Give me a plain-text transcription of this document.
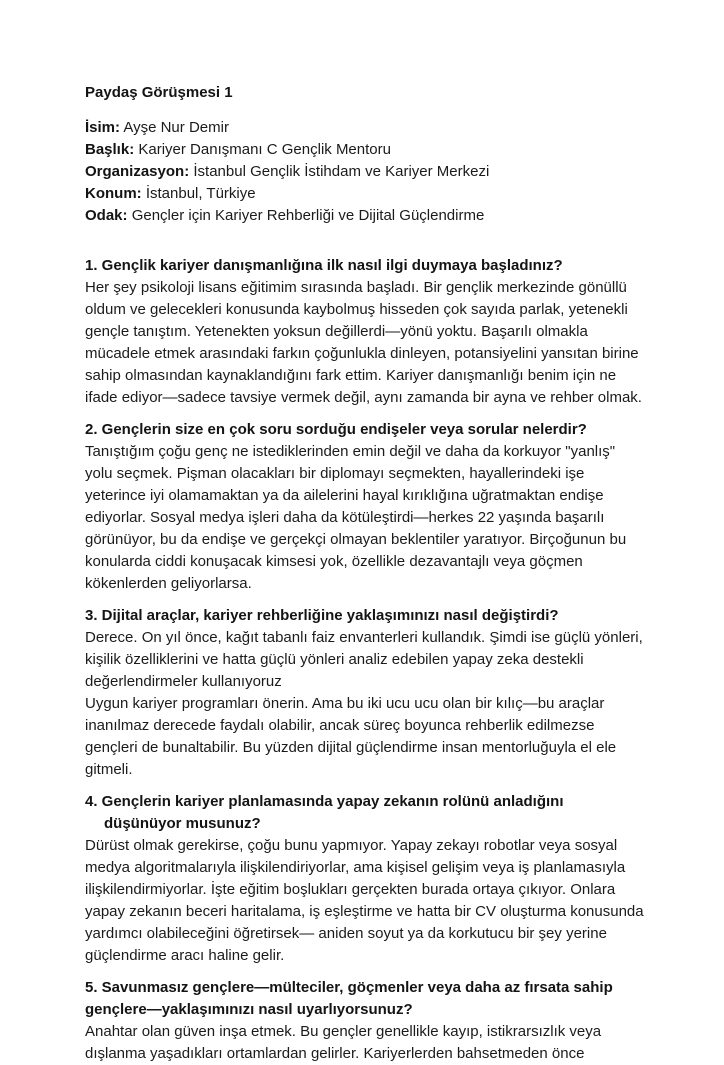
Paydaş Görüşmesi 1

İsim: Ayşe Nur Demir

Başlık: Kariyer Danışmanı C Gençlik Mentoru

Organizasyon: İstanbul Gençlik İstihdam ve Kariyer Merkezi

Konum: İstanbul, Türkiye

Odak: Gençler için Kariyer Rehberliği ve Dijital Güçlendirme

1. Gençlik kariyer danışmanlığına ilk nasıl ilgi duymaya başladınız?

Her şey psikoloji lisans eğitimim sırasında başladı. Bir gençlik merkezinde gönüllü oldum ve gelecekleri konusunda kaybolmuş hisseden çok sayıda parlak, yetenekli gençle tanıştım. Yetenekten yoksun değillerdi—yönü yoktu. Başarılı olmakla mücadele etmek arasındaki farkın çoğunlukla dinleyen, potansiyelini yansıtan birine sahip olmasından kaynaklandığını fark ettim. Kariyer danışmanlığı benim için ne ifade ediyor—sadece tavsiye vermek değil, aynı zamanda bir ayna ve rehber olmak.

2. Gençlerin size en çok soru sorduğu endişeler veya sorular nelerdir?

Tanıştığım çoğu genç ne istediklerinden emin değil ve daha da korkuyor "yanlış" yolu seçmek. Pişman olacakları bir diplomayı seçmekten, hayallerindeki işe yeterince iyi olamamaktan ya da ailelerini hayal kırıklığına uğratmaktan endişe ediyorlar. Sosyal medya işleri daha da kötüleştirdi—herkes 22 yaşında başarılı görünüyor, bu da endişe ve gerçekçi olmayan beklentiler yaratıyor. Birçoğunun bu konularda ciddi konuşacak kimsesi yok, özellikle dezavantajlı veya göçmen kökenlerden geliyorlarsa.

3. Dijital araçlar, kariyer rehberliğine yaklaşımınızı nasıl değiştirdi?

Derece. On yıl önce, kağıt tabanlı faiz envanterleri kullandık. Şimdi ise güçlü yönleri, kişilik özelliklerini ve hatta güçlü yönleri analiz edebilen yapay zeka destekli değerlendirmeler kullanıyoruz

Uygun kariyer programları önerin. Ama bu iki ucu ucu olan bir kılıç—bu araçlar inanılmaz derecede faydalı olabilir, ancak süreç boyunca rehberlik edilmezse gençleri de bunaltabilir. Bu yüzden dijital güçlendirme insan mentorluğuyla el ele gitmeli.

4. Gençlerin kariyer planlamasında yapay zekanın rolünü anladığını düşünüyor musunuz?

Dürüst olmak gerekirse, çoğu bunu yapmıyor. Yapay zekayı robotlar veya sosyal medya algoritmalarıyla ilişkilendiriyorlar, ama kişisel gelişim veya iş planlamasıyla ilişkilendirmiyorlar. İşte eğitim boşlukları gerçekten burada ortaya çıkıyor. Onlara yapay zekanın beceri haritalama, iş eşleştirme ve hatta bir CV oluşturma konusunda yardımcı olabileceğini öğretirsek— aniden soyut ya da korkutucu bir şey yerine güçlendirme aracı haline gelir.

5. Savunmasız gençlere—mülteciler, göçmenler veya daha az fırsata sahip gençlere—yaklaşımınızı nasıl uyarlıyorsunuz?

Anahtar olan güven inşa etmek. Bu gençler genellikle kayıp, istikrarsızlık veya dışlanma yaşadıkları ortamlardan gelirler. Kariyerlerden bahsetmeden önce
